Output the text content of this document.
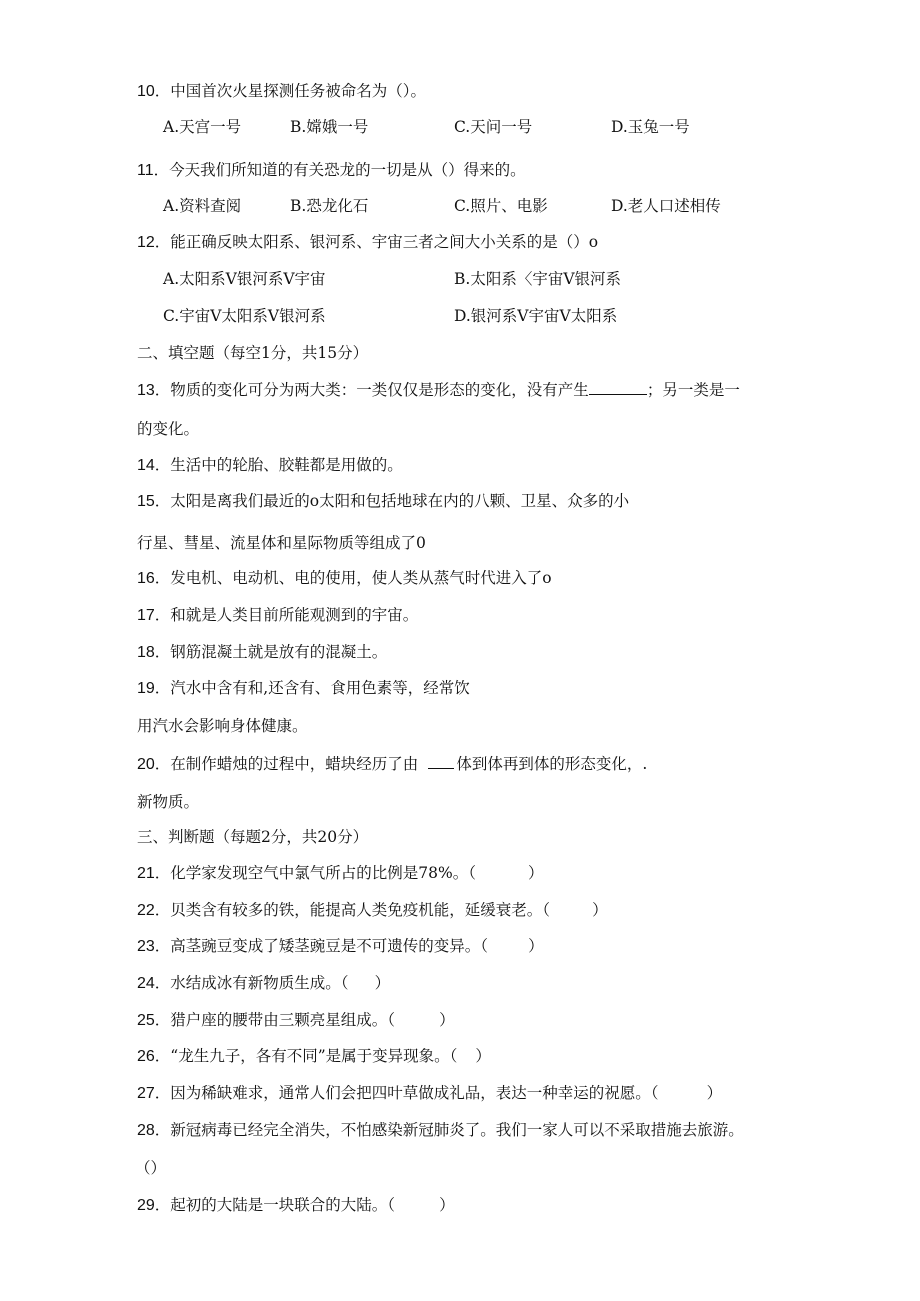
10．中国首次火星探测任务被命名为（）。
A.天宫一号	B.嫦娥一号	C.天问一号	D.玉兔一号
11．今天我们所知道的有关恐龙的一切是从（）得来的。
A.资料查阅	B.恐龙化石	C.照片、电影	D.老人口述相传
12．能正确反映太阳系、银河系、宇宙三者之间大小关系的是（）o
A.太阳系V银河系V宇宙	B.太阳系〈宇宙V银河系
C.宇宙V太阳系V银河系	D.银河系V宇宙V太阳系
二、填空题（每空1分，共15分）
13．物质的变化可分为两大类：一类仅仅是形态的变化，没有产生	；另一类是一
的变化。
14．生活中的轮胎、胶鞋都是用做的。
15．太阳是离我们最近的o太阳和包括地球在内的八颗、卫星、众多的小
行星、彗星、流星体和星际物质等组成了0
16．发电机、电动机、电的使用，使人类从蒸气时代进入了o
17．和就是人类目前所能观测到的宇宙。
18．钢筋混凝土就是放有的混凝土。
19．汽水中含有和,还含有、食用色素等，经常饮
用汽水会影响身体健康。
20．在制作蜡烛的过程中，蜡块经历了由 体到体再到体的形态变化，.
新物质。
三、判断题（每题2分，共20分）
21．化学家发现空气中氯气所占的比例是78%。（	）
22．贝类含有较多的铁，能提高人类免疫机能，延缓衰老。（	）
23．高茎豌豆变成了矮茎豌豆是不可遗传的变异。（	）
24．水结成冰有新物质生成。（ ）
25．猎户座的腰带由三颗亮星组成。（	）
26．“龙生九子，各有不同”是属于变异现象。（ ）
27．因为稀缺难求，通常人们会把四叶草做成礼品，表达一种幸运的祝愿。（	）
28．新冠病毒已经完全消失，不怕感染新冠肺炎了。我们一家人可以不采取措施去旅游。
（）
29．起初的大陆是一块联合的大陆。（	）
